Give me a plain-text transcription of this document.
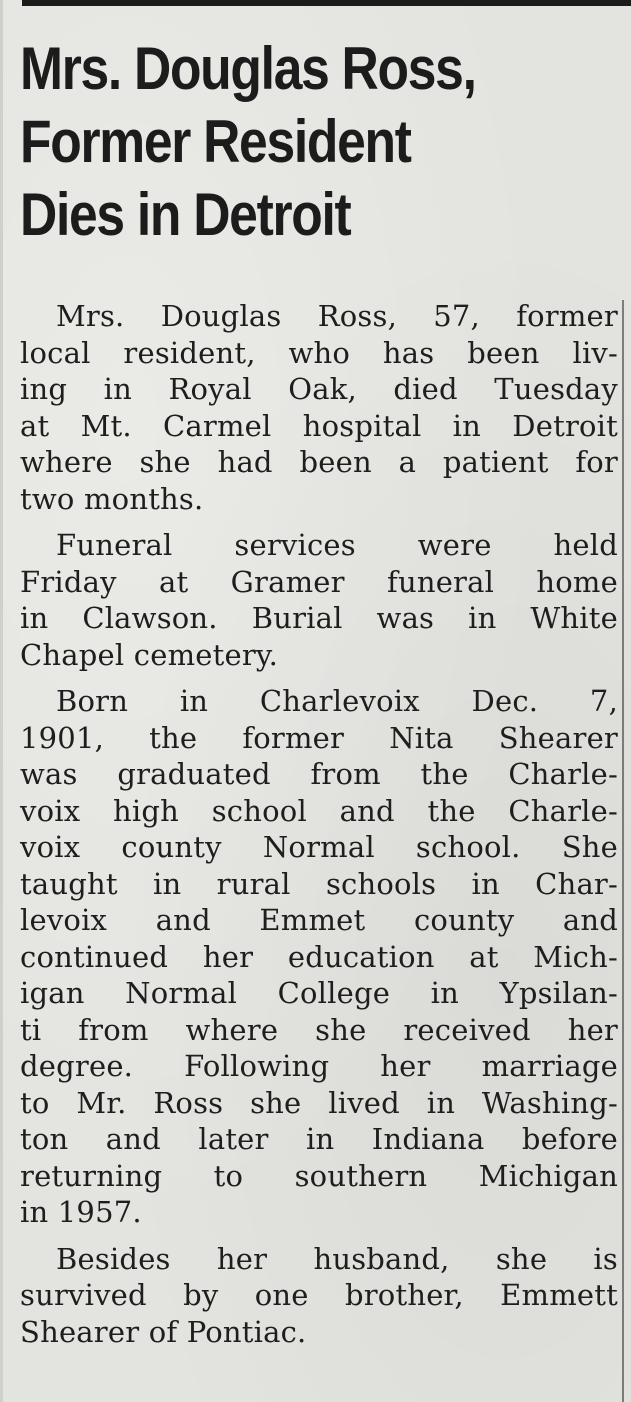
Mrs. Douglas Ross,
Former Resident
Dies in Detroit

Mrs. Douglas Ross, 57, former
local resident, who has been liv-
ing in Royal Oak, died Tuesday
at Mt. Carmel hospital in Detroit
where she had been a patient for
two months.

Funeral services were held
Friday at Gramer funeral home
in Clawson. Burial was in White
Chapel cemetery.

Born in Charlevoix Dec. 7,
1901, the former Nita Shearer
was graduated from the Charle-
voix high school and the Charle-
voix county Normal school. She
taught in rural schools in Char-
levoix and Emmet county and
continued her education at Mich-
igan Normal College in Ypsilan-
ti from where she received her
degree. Following her marriage
to Mr. Ross she lived in Washing-
ton and later in Indiana before
returning to southern Michigan
in 1957.

Besides her husband, she is
survived by one brother, Emmett
Shearer of Pontiac.
